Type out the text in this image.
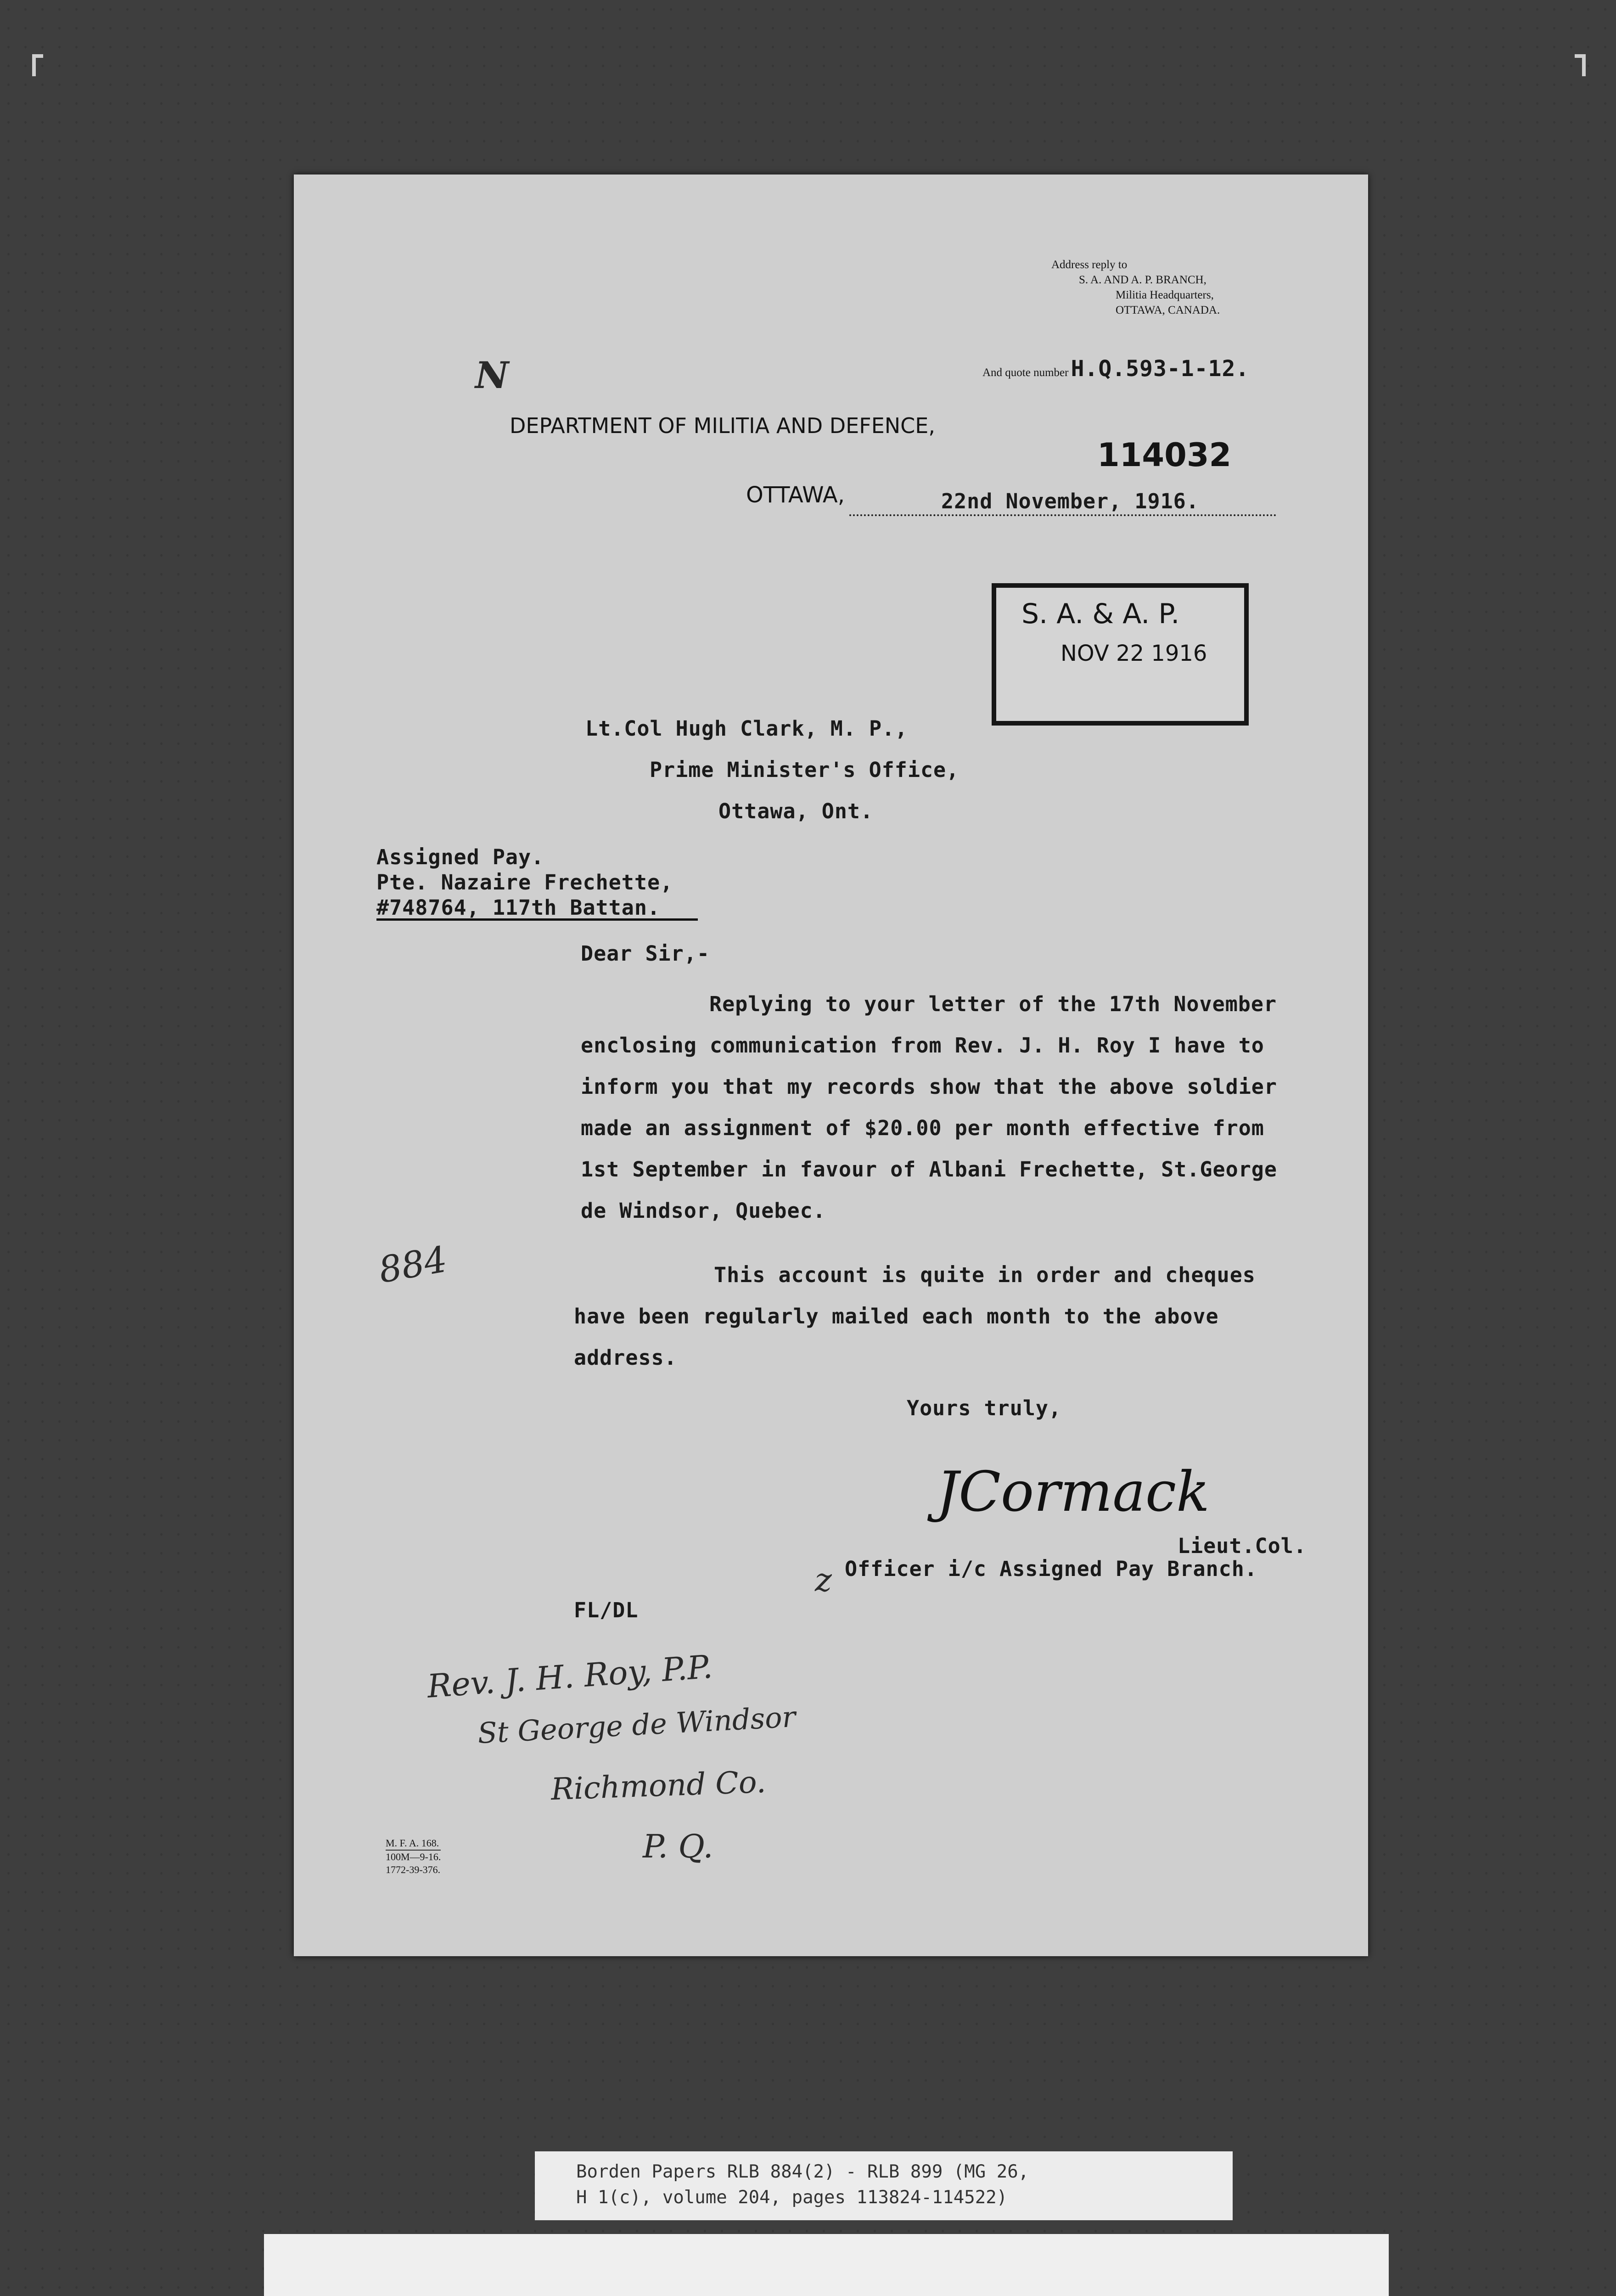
Address reply to
S. A. AND A. P. BRANCH,
Militia Headquarters,
OTTAWA, CANADA.
And quote number H.Q.593-1-12.
N
DEPARTMENT OF MILITIA AND DEFENCE,
114032
OTTAWA,	22nd November, 1916.
S. A. & A. P.
NOV 22 1916
Lt.Col Hugh Clark, M. P.,
Prime Minister's Office,
Ottawa, Ont.
Assigned Pay.
Pte. Nazaire Frechette,
#748764, 117th Battan.
Dear Sir,-
Replying to your letter of the 17th November
enclosing communication from Rev. J. H. Roy I have to
inform you that my records show that the above soldier
made an assignment of $20.00 per month effective from
1st September in favour of Albani Frechette, St.George
de Windsor, Quebec.
This account is quite in order and cheques
have been regularly mailed each month to the above
address.
884
Yours truly,
JCormack
Lieut.Col.
Officer i/c Assigned Pay Branch.
z
FL/DL
Rev. J. H. Roy, P.P.
St George de Windsor
Richmond Co.
P. Q.
M. F. A. 168.
100M—9-16.
1772-39-376.
Borden Papers RLB 884(2) - RLB 899 (MG 26,
H 1(c), volume 204, pages 113824-114522)
